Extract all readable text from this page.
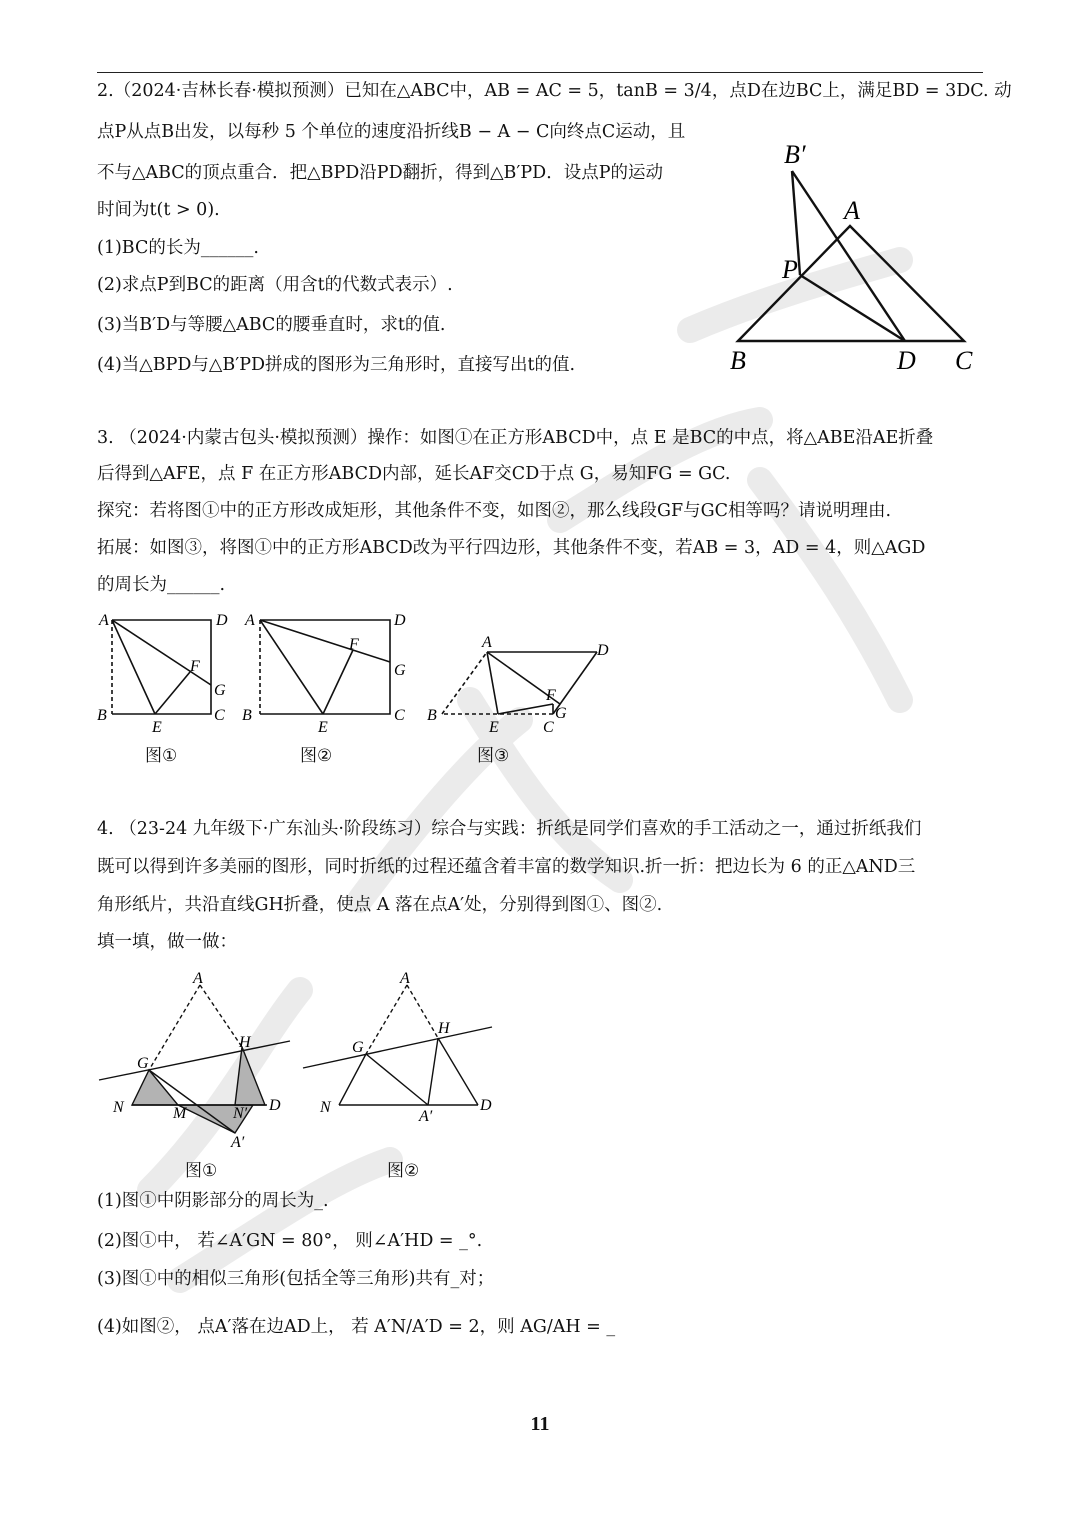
2.（2024·吉林长春·模拟预测）已知在△ABC中，AB = AC = 5，tanB = 3/4，点D在边BC上，满足BD = 3DC. 动
点P从点B出发，以每秒 5 个单位的速度沿折线B − A − C向终点C运动，且
不与△ABC的顶点重合．把△BPD沿PD翻折，得到△B′PD．设点P的运动
时间为t(t > 0).
(1)BC的长为______.
(2)求点P到BC的距离（用含t的代数式表示）.
(3)当B′D与等腰△ABC的腰垂直时，求t的值.
(4)当△BPD与△B′PD拼成的图形为三角形时，直接写出t的值.
B′
A
P
B	D C
3. （2024·内蒙古包头·模拟预测）操作：如图①在正方形ABCD中，点 E 是BC的中点，将△ABE沿AE折叠
后得到△AFE，点 F 在正方形ABCD内部，延长AF交CD于点 G，易知FG = GC.
探究：若将图①中的正方形改成矩形，其他条件不变，如图②，那么线段GF与GC相等吗？请说明理由.
拓展：如图③，将图①中的正方形ABCD改为平行四边形，其他条件不变，若AB = 3，AD = 4，则△AGD
的周长为______.
A	D
F
G
B
E
C
图①
A	D
F
G
B
E
C
图②
A	D
F
G
B
E	C
图③
4. （23-24 九年级下·广东汕头·阶段练习）综合与实践：折纸是同学们喜欢的手工活动之一，通过折纸我们
既可以得到许多美丽的图形，同时折纸的过程还蕴含着丰富的数学知识.折一折：把边长为 6 的正△AND三
角形纸片，共沿直线GH折叠，使点 A 落在点A′处，分别得到图①、图②.
填一填，做一做：
A
G
H
N	M	N′ D
A′
图①
A
G
H
N
A′
D
图②
(1)图①中阴影部分的周长为_.
(2)图①中， 若∠A′GN = 80°， 则∠A′HD = _°.
(3)图①中的相似三角形(包括全等三角形)共有_对；
(4)如图②， 点A′落在边AD上， 若 A′N/A′D = 2，则 AG/AH = _
11
